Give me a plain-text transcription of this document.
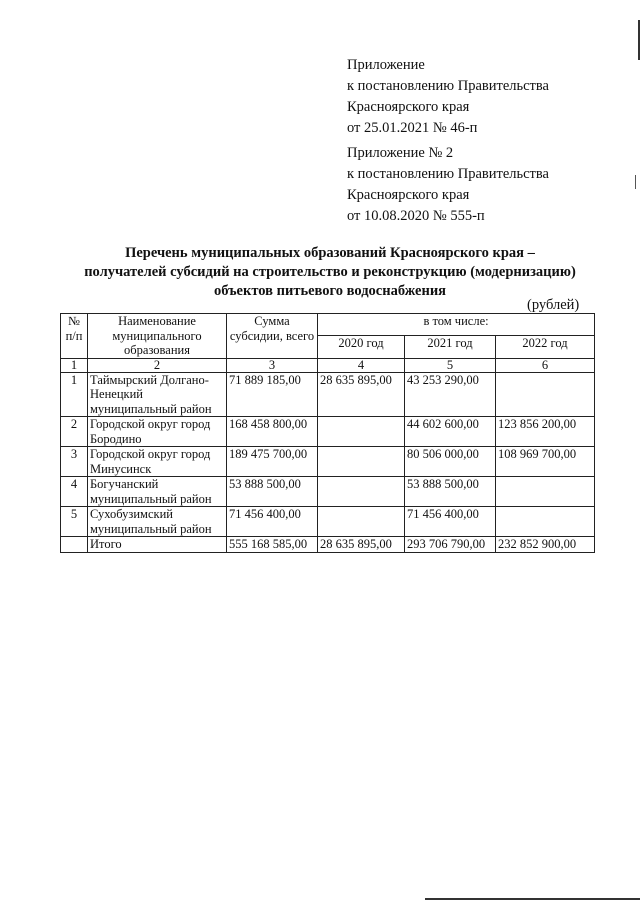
Приложение
к постановлению Правительства
Красноярского края
от 25.01.2021 № 46-п
Приложение № 2
к постановлению Правительства
Красноярского края
от 10.08.2020 № 555-п
Перечень муниципальных образований Красноярского края –
получателей субсидий на строительство и реконструкцию (модернизацию)
объектов питьевого водоснабжения
(рублей)
№ п/п	Наименование муниципального образования	Сумма субсидии, всего	в том числе:		
			2020 год	2021 год	2022 год
1	2	3	4	5	6
1	Таймырский Долгано-Ненецкий муниципальный район	71 889 185,00	28 635 895,00	43 253 290,00	
2	Городской округ город Бородино	168 458 800,00		44 602 600,00	123 856 200,00
3	Городской округ город Минусинск	189 475 700,00		80 506 000,00	108 969 700,00
4	Богучанский муниципальный район	53 888 500,00		53 888 500,00	
5	Сухобузимский муниципальный район	71 456 400,00		71 456 400,00	
	Итого	555 168 585,00	28 635 895,00	293 706 790,00	232 852 900,00
